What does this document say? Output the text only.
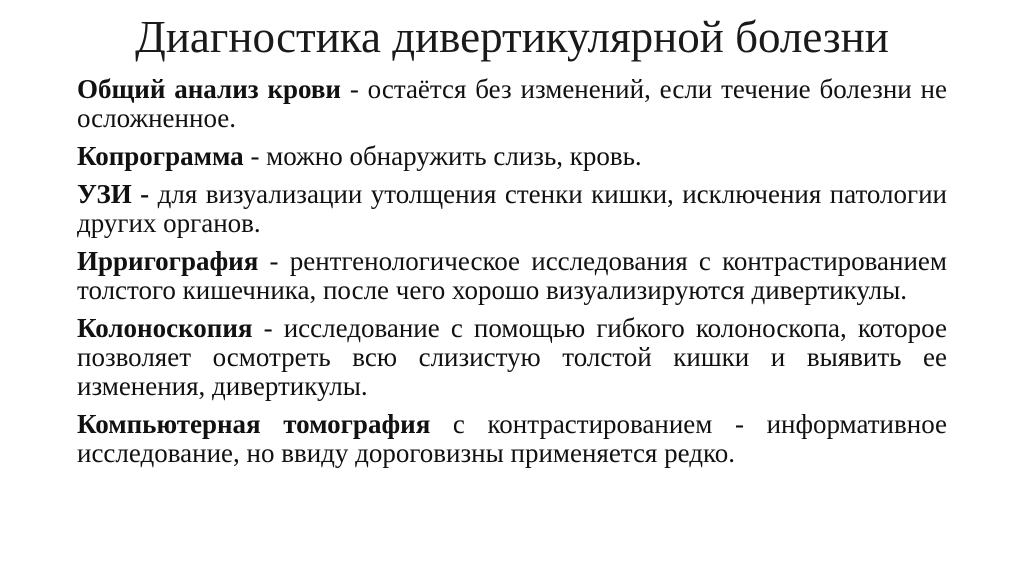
Диагностика дивертикулярной болезни

Общий анализ крови - остаётся без изменений, если течение болезни не осложненное.

Копрограмма - можно обнаружить слизь, кровь.

УЗИ - для визуализации утолщения стенки кишки, исключения патологии других органов.

Ирригография - рентгенологическое исследования с контрастированием толстого кишечника, после чего хорошо визуализируются дивертикулы.

Колоноскопия - исследование с помощью гибкого колоноскопа, которое позволяет осмотреть всю слизистую толстой кишки и выявить ее изменения, дивертикулы.

Компьютерная томография с контрастированием - информативное исследование, но ввиду дороговизны применяется редко.
